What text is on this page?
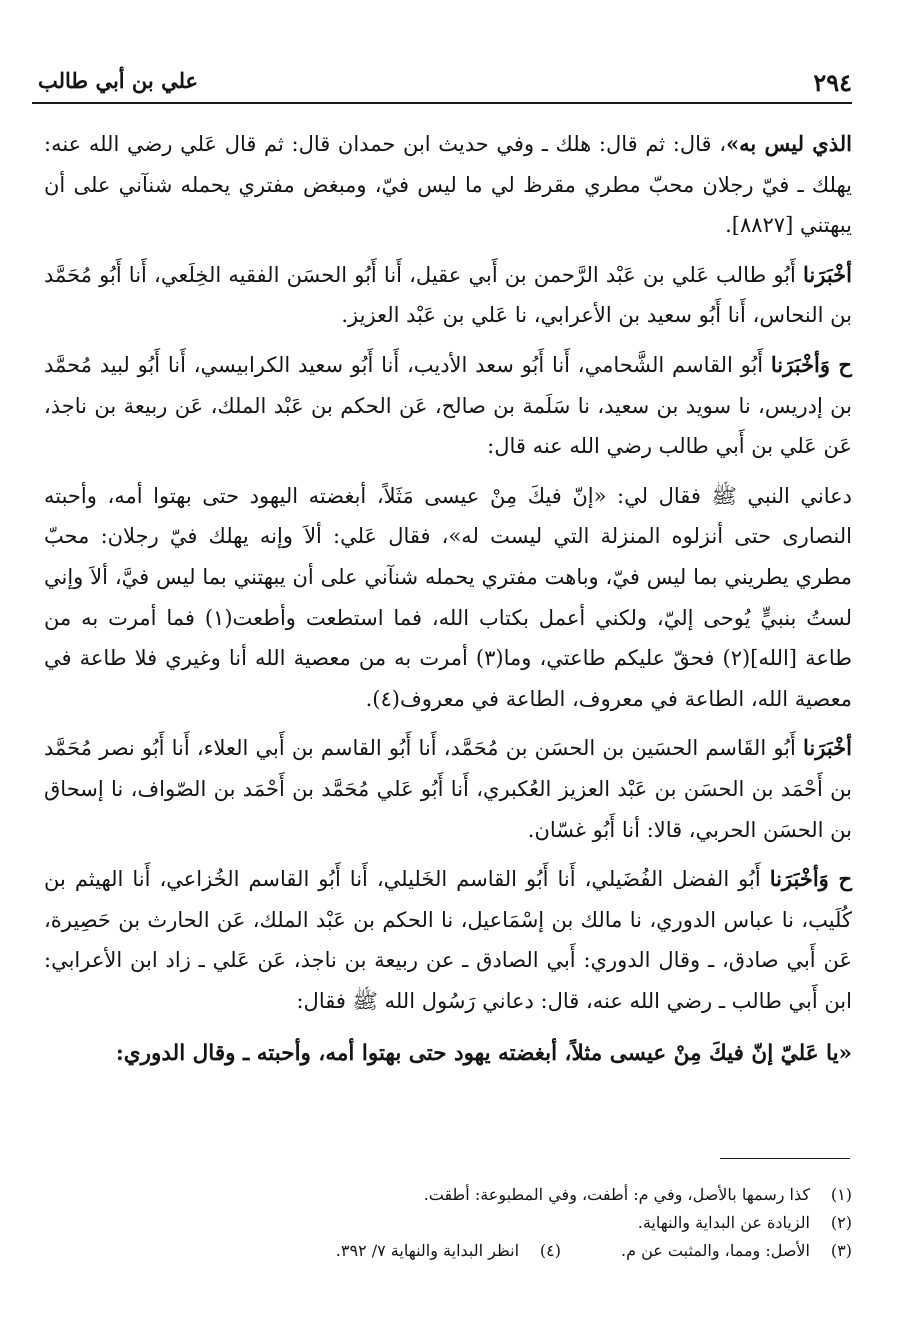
٢٩٤
علي بن أبي طالب

الذي ليس به»، قال: ثم قال: هلك ـ وفي حديث ابن حمدان قال: ثم قال عَلي رضي الله عنه: يهلك ـ فيّ رجلان محبّ مطري مقرظ لي ما ليس فيّ، ومبغض مفتري يحمله شنآني على أن يبهتني [٨٨٢٧].

أخْبَرَنا أَبُو طالب عَلي بن عَبْد الرَّحمن بن أَبي عقيل، أَنا أَبُو الحسَن الفقيه الخِلَعي، أَنا أَبُو مُحَمَّد بن النحاس، أَنا أَبُو سعيد بن الأعرابي، نا عَلي بن عَبْد العزيز.

ح وَأخْبَرَنا أَبُو القاسم الشَّحامي، أَنا أَبُو سعد الأديب، أَنا أَبُو سعيد الكرابيسي، أَنا أَبُو لبيد مُحمَّد بن إدريس، نا سويد بن سعيد، نا سَلَمة بن صالح، عَن الحكم بن عَبْد الملك، عَن ربيعة بن ناجذ، عَن عَلي بن أَبي طالب رضي الله عنه قال:

دعاني النبي ﷺ فقال لي: «إنّ فيكَ مِنْ عيسى مَثَلاً، أبغضته اليهود حتى بهتوا أمه، وأحبته النصارى حتى أنزلوه المنزلة التي ليست له»، فقال عَلي: ألاَ وإنه يهلك فيّ رجلان: محبّ مطري يطريني بما ليس فيّ، وباهت مفتري يحمله شنآني على أن يبهتني بما ليس فيَّ، ألاَ وإني لستُ بنبيٍّ يُوحى إليّ، ولكني أعمل بكتاب الله، فما استطعت وأطعت(١) فما أمرت به من طاعة [الله](٢) فحقّ عليكم طاعتي، وما(٣) أمرت به من معصية الله أنا وغيري فلا طاعة في معصية الله، الطاعة في معروف، الطاعة في معروف(٤).

أخْبَرَنا أَبُو القَاسم الحسَين بن الحسَن بن مُحَمَّد، أَنا أَبُو القاسم بن أَبي العلاء، أَنا أَبُو نصر مُحَمَّد بن أَحْمَد بن الحسَن بن عَبْد العزيز العُكبري، أَنا أَبُو عَلي مُحَمَّد بن أَحْمَد بن الصّواف، نا إسحاق بن الحسَن الحربي، قالا: أنا أَبُو غسّان.

ح وَأخْبَرَنا أَبُو الفضل الفُضَيلي، أَنا أَبُو القاسم الخَليلي، أَنا أَبُو القاسم الخُزاعي، أَنا الهيثم بن كُلَيب، نا عباس الدوري، نا مالك بن إسْمَاعيل، نا الحكم بن عَبْد الملك، عَن الحارث بن حَصِيرة، عَن أَبي صادق، ـ وقال الدوري: أَبي الصادق ـ عن ربيعة بن ناجذ، عَن عَلي ـ زاد ابن الأعرابي: ابن أَبي طالب ـ رضي الله عنه، قال: دعاني رَسُول الله ﷺ فقال:

«يا عَليّ إنّ فيكَ مِنْ عيسى مثلاً، أبغضته يهود حتى بهتوا أمه، وأحبته ـ وقال الدوري:

(١)
كذا رسمها بالأصل، وفي م: أطفت، وفي المطبوعة: أطقت.
(٢)
الزيادة عن البداية والنهاية.
(٣)
الأصل: ومما، والمثبت عن م.
(٤)
انظر البداية والنهاية ٧/ ٣٩٢.
